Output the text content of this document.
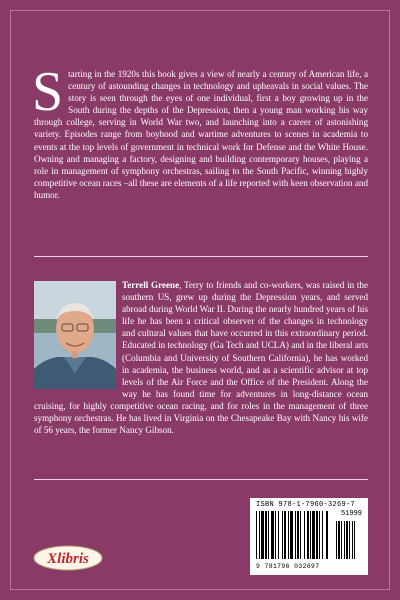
Starting in the 1920s this book gives a view of nearly a century of American life, a century of astounding changes in technology and upheavals in social values. The story is seen through the eyes of one individual, first a boy growing up in the South during the depths of the Depression, then a young man working his way through college, serving in World War two, and launching into a career of astonishing variety. Episodes range from boyhood and wartime adventures to scenes in academia to events at the top levels of government in technical work for Defense and the White House. Owning and managing a factory, designing and building contemporary houses, playing a role in management of symphony orchestras, sailing to the South Pacific, winning highly competitive ocean races –all these are elements of a life reported with keen observation and humor.
Terrell Greene, Terry to friends and co-workers, was raised in the southern US, grew up during the Depression years, and served abroad during World War II. During the nearly hundred years of his life he has been a critical observer of the changes in technology and cultural values that have occurred in this extraordinary period. Educated in technology (Ga Tech and UCLA) and in the liberal arts (Columbia and University of Southern California), he has worked in academia, the business world, and as a scientific advisor at top levels of the Air Force and the Office of the President. Along the way he has found time for adventures in long-distance ocean cruising, for highly competitive ocean racing, and for roles in the management of three symphony orchestras. He has lived in Virginia on the Chesapeake Bay with Nancy his wife of 56 years, the former Nancy Gibson.
Xlibris
ISBN 978-1-7960-3269-7
51999
9 781796 032697
